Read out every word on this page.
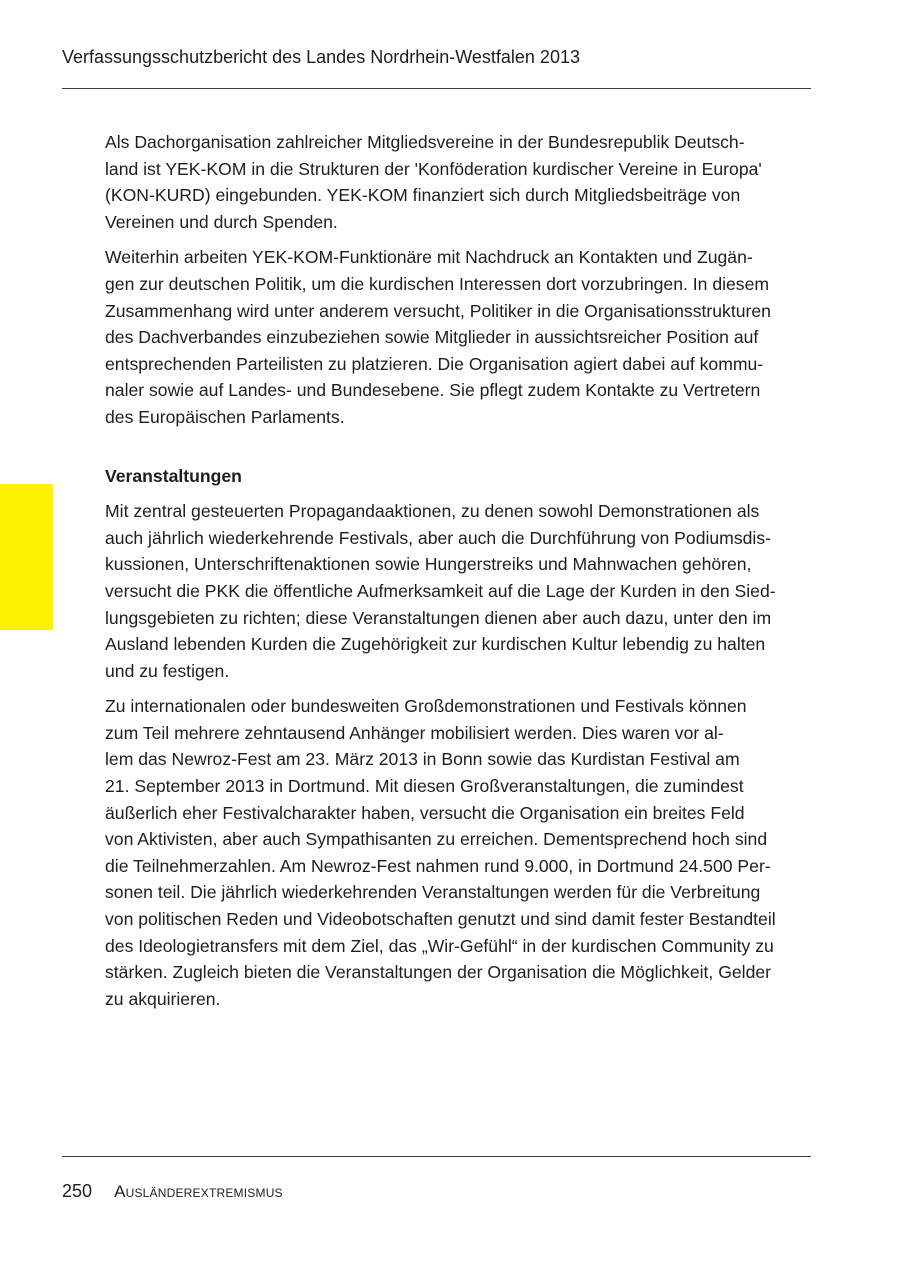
Verfassungsschutzbericht des Landes Nordrhein-Westfalen 2013

Als Dachorganisation zahlreicher Mitgliedsvereine in der Bundesrepublik Deutsch-
land ist YEK-KOM in die Strukturen der 'Konföderation kurdischer Vereine in Europa'
(KON-KURD) eingebunden. YEK-KOM finanziert sich durch Mitgliedsbeiträge von
Vereinen und durch Spenden.

Weiterhin arbeiten YEK-KOM-Funktionäre mit Nachdruck an Kontakten und Zugän-
gen zur deutschen Politik, um die kurdischen Interessen dort vorzubringen. In diesem
Zusammenhang wird unter anderem versucht, Politiker in die Organisationsstrukturen
des Dachverbandes einzubeziehen sowie Mitglieder in aussichtsreicher Position auf
entsprechenden Parteilisten zu platzieren. Die Organisation agiert dabei auf kommu-
naler sowie auf Landes- und Bundesebene. Sie pflegt zudem Kontakte zu Vertretern
des Europäischen Parlaments.

Veranstaltungen

Mit zentral gesteuerten Propagandaaktionen, zu denen sowohl Demonstrationen als
auch jährlich wiederkehrende Festivals, aber auch die Durchführung von Podiumsdis-
kussionen, Unterschriftenaktionen sowie Hungerstreiks und Mahnwachen gehören,
versucht die PKK die öffentliche Aufmerksamkeit auf die Lage der Kurden in den Sied-
lungsgebieten zu richten; diese Veranstaltungen dienen aber auch dazu, unter den im
Ausland lebenden Kurden die Zugehörigkeit zur kurdischen Kultur lebendig zu halten
und zu festigen.

Zu internationalen oder bundesweiten Großdemonstrationen und Festivals können
zum Teil mehrere zehntausend Anhänger mobilisiert werden. Dies waren vor al-
lem das Newroz-Fest am 23. März 2013 in Bonn sowie das Kurdistan Festival am
21. September 2013 in Dortmund. Mit diesen Großveranstaltungen, die zumindest
äußerlich eher Festivalcharakter haben, versucht die Organisation ein breites Feld
von Aktivisten, aber auch Sympathisanten zu erreichen. Dementsprechend hoch sind
die Teilnehmerzahlen. Am Newroz-Fest nahmen rund 9.000, in Dortmund 24.500 Per-
sonen teil. Die jährlich wiederkehrenden Veranstaltungen werden für die Verbreitung
von politischen Reden und Videobotschaften genutzt und sind damit fester Bestandteil
des Ideologietransfers mit dem Ziel, das „Wir-Gefühl“ in der kurdischen Community zu
stärken. Zugleich bieten die Veranstaltungen der Organisation die Möglichkeit, Gelder
zu akquirieren.

250 Ausländerextremismus
